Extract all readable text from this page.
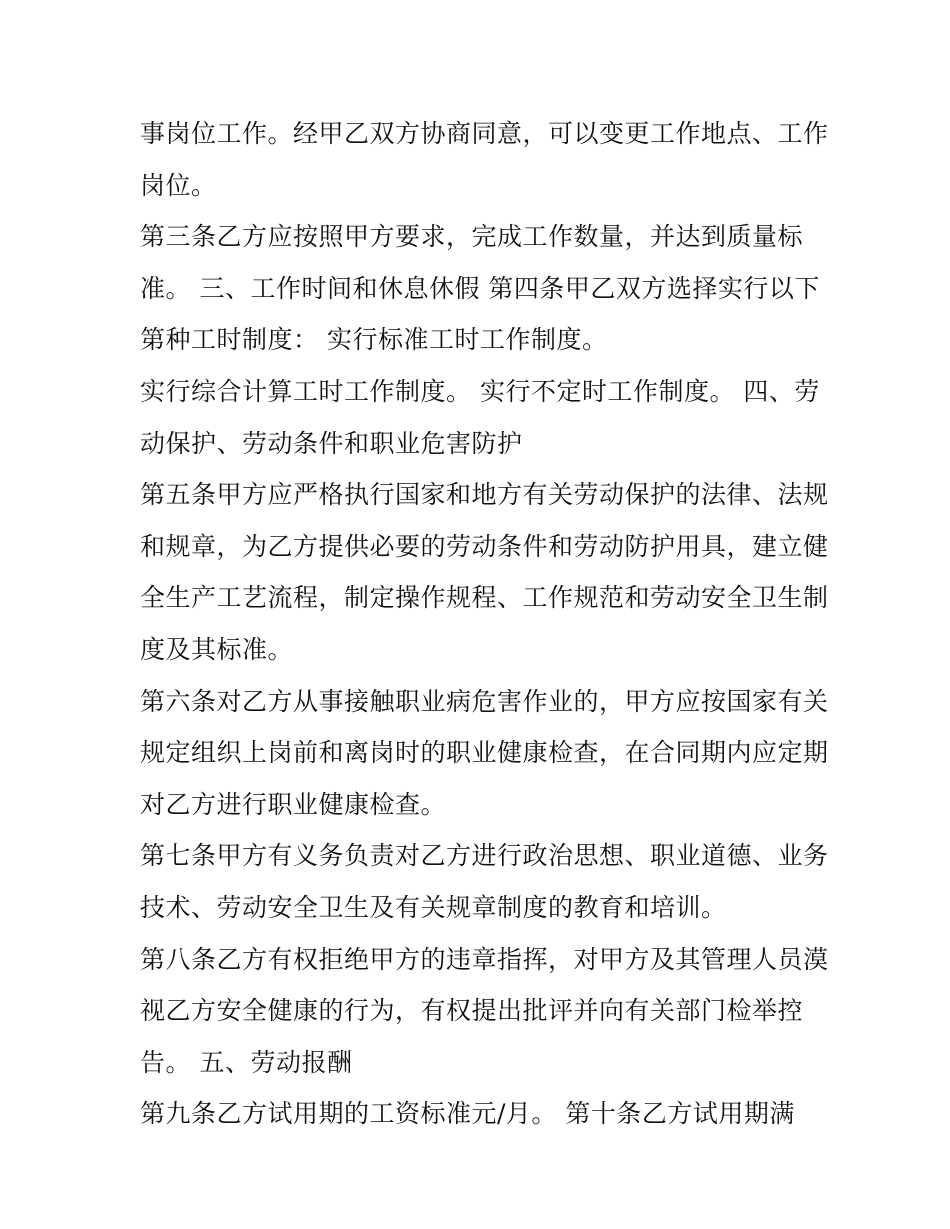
事岗位工作。经甲乙双方协商同意，可以变更工作地点、工作
岗位。
第三条乙方应按照甲方要求，完成工作数量，并达到质量标
准。 三、工作时间和休息休假 第四条甲乙双方选择实行以下
第种工时制度： 实行标准工时工作制度。
实行综合计算工时工作制度。 实行不定时工作制度。 四、劳
动保护、劳动条件和职业危害防护
第五条甲方应严格执行国家和地方有关劳动保护的法律、法规
和规章，为乙方提供必要的劳动条件和劳动防护用具，建立健
全生产工艺流程，制定操作规程、工作规范和劳动安全卫生制
度及其标准。
第六条对乙方从事接触职业病危害作业的，甲方应按国家有关
规定组织上岗前和离岗时的职业健康检查，在合同期内应定期
对乙方进行职业健康检查。
第七条甲方有义务负责对乙方进行政治思想、职业道德、业务
技术、劳动安全卫生及有关规章制度的教育和培训。
第八条乙方有权拒绝甲方的违章指挥，对甲方及其管理人员漠
视乙方安全健康的行为，有权提出批评并向有关部门检举控
告。 五、劳动报酬
第九条乙方试用期的工资标准元/月。 第十条乙方试用期满
